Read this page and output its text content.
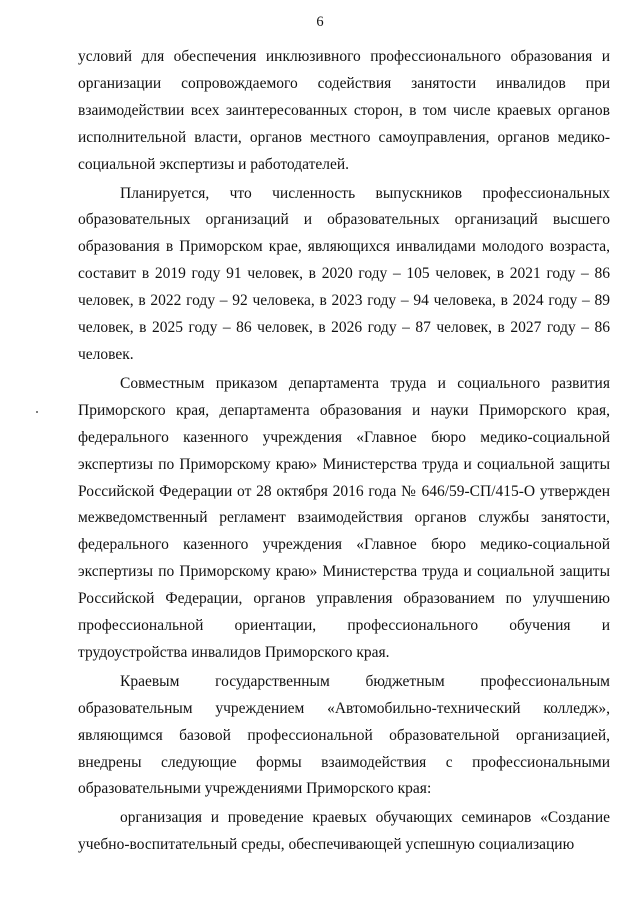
6

условий для обеспечения инклюзивного профессионального образования и организации сопровождаемого содействия занятости инвалидов при взаимодействии всех заинтересованных сторон, в том числе краевых органов исполнительной власти, органов местного самоуправления, органов медико-социальной экспертизы и работодателей.

Планируется, что численность выпускников профессиональных образовательных организаций и образовательных организаций высшего образования в Приморском крае, являющихся инвалидами молодого возраста, составит в 2019 году 91 человек, в 2020 году – 105 человек, в 2021 году – 86 человек, в 2022 году – 92 человека, в 2023 году – 94 человека, в 2024 году – 89 человек, в 2025 году – 86 человек, в 2026 году – 87 человек, в 2027 году – 86 человек.

Совместным приказом департамента труда и социального развития Приморского края, департамента образования и науки Приморского края, федерального казенного учреждения «Главное бюро медико-социальной экспертизы по Приморскому краю» Министерства труда и социальной защиты Российской Федерации от 28 октября 2016 года № 646/59-СП/415-О утвержден межведомственный регламент взаимодействия органов службы занятости, федерального казенного учреждения «Главное бюро медико-социальной экспертизы по Приморскому краю» Министерства труда и социальной защиты Российской Федерации, органов управления образованием по улучшению профессиональной ориентации, профессионального обучения и трудоустройства инвалидов Приморского края.

Краевым государственным бюджетным профессиональным образовательным учреждением «Автомобильно-технический колледж», являющимся базовой профессиональной образовательной организацией, внедрены следующие формы взаимодействия с профессиональными образовательными учреждениями Приморского края:

организация и проведение краевых обучающих семинаров «Создание учебно-воспитательный среды, обеспечивающей успешную социализацию
